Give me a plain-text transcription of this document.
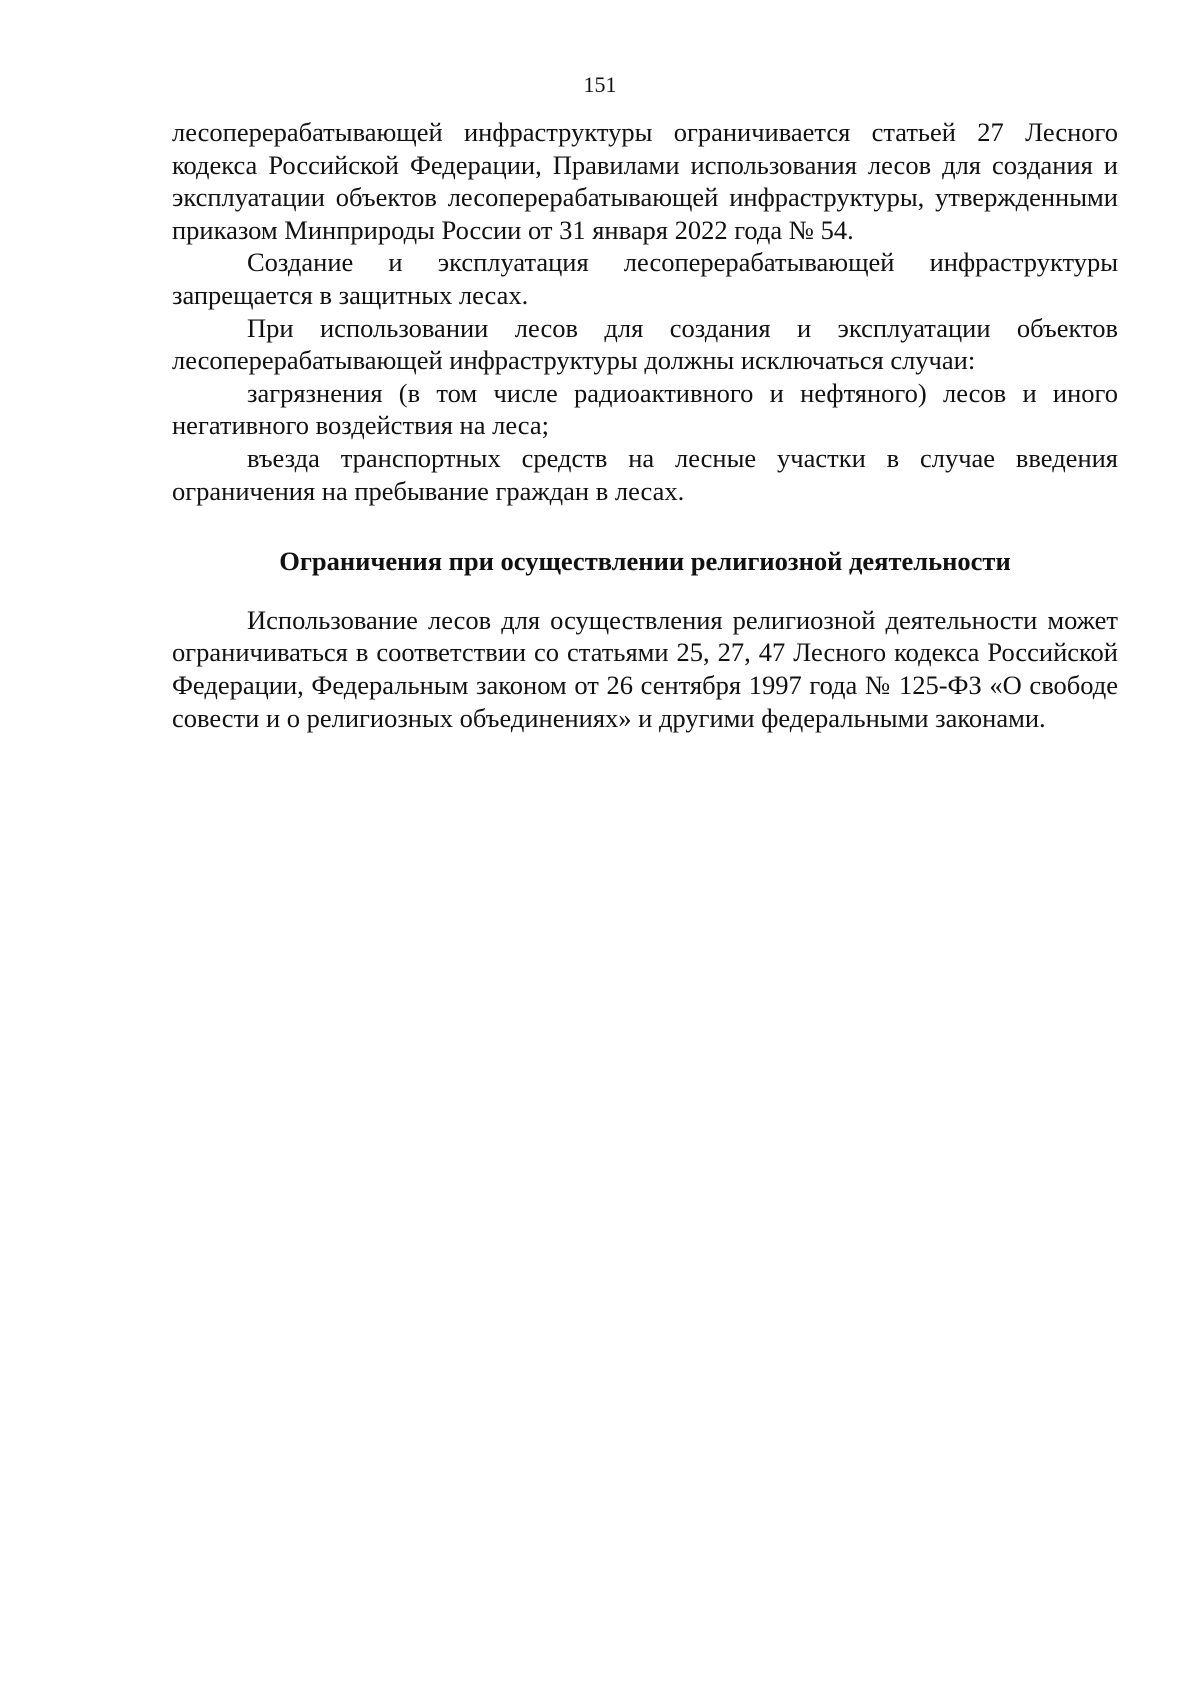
151

лесоперерабатывающей инфраструктуры ограничивается статьей 27 Лесного кодекса Российской Федерации, Правилами использования лесов для создания и эксплуатации объектов лесоперерабатывающей инфраструктуры, утвержденными приказом Минприроды России от 31 января 2022 года № 54.

Создание и эксплуатация лесоперерабатывающей инфраструктуры запрещается в защитных лесах.

При использовании лесов для создания и эксплуатации объектов лесоперерабатывающей инфраструктуры должны исключаться случаи:

загрязнения (в том числе радиоактивного и нефтяного) лесов и иного негативного воздействия на леса;

въезда транспортных средств на лесные участки в случае введения ограничения на пребывание граждан в лесах.

Ограничения при осуществлении религиозной деятельности

Использование лесов для осуществления религиозной деятельности может ограничиваться в соответствии со статьями 25, 27, 47 Лесного кодекса Российской Федерации, Федеральным законом от 26 сентября 1997 года № 125-ФЗ «О свободе совести и о религиозных объединениях» и другими федеральными законами.
